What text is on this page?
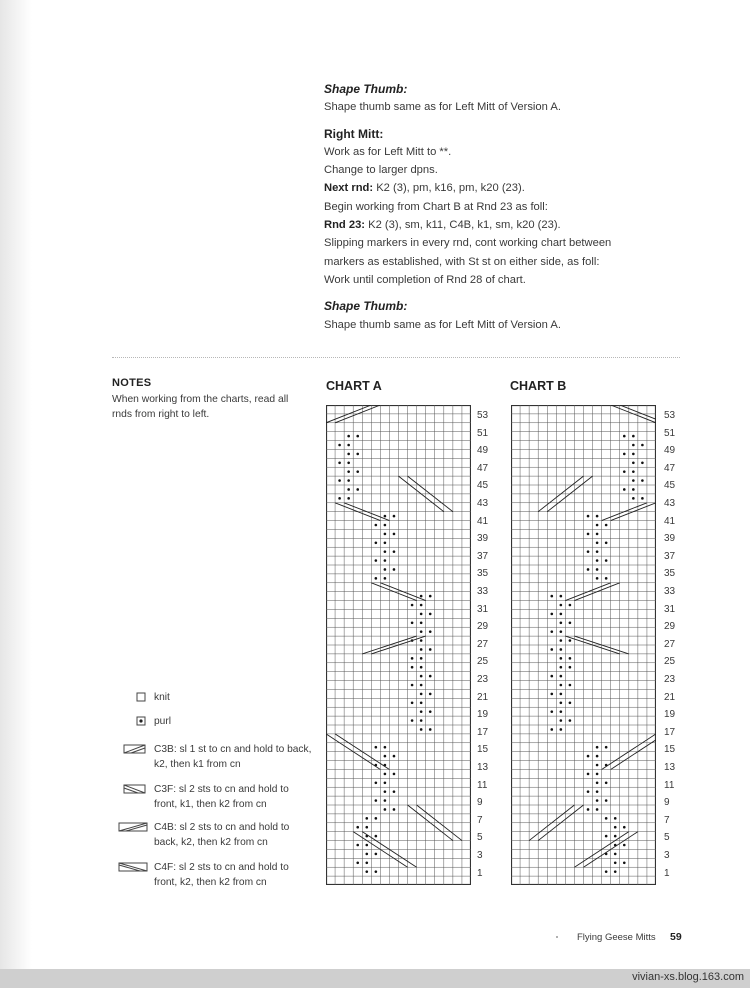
Shape Thumb:
Shape thumb same as for Left Mitt of Version A.
Right Mitt:
Work as for Left Mitt to **.
Change to larger dpns.
Next rnd: K2 (3), pm, k16, pm, k20 (23).
Begin working from Chart B at Rnd 23 as foll:
Rnd 23: K2 (3), sm, k11, C4B, k1, sm, k20 (23).
Slipping markers in every rnd, cont working chart between
markers as established, with St st on either side, as foll:
Work until completion of Rnd 28 of chart.
Shape Thumb:
Shape thumb same as for Left Mitt of Version A.
NOTES
When working from the charts, read all rnds from right to left.
CHART A	CHART B
53
51
49
47
45
43
41
39
37
35
33
31
29
27
25
23
21
19
17
15
13
11
9
7
5
3
1
53
51
49
47
45
43
41
39
37
35
33
31
29
27
25
23
21
19
17
15
13
11
9
7
5
3
1
knit
purl
C3B: sl 1 st to cn and hold to back, k2, then k1 from cn
C3F: sl 2 sts to cn and hold to front, k1, then k2 from cn
C4B: sl 2 sts to cn and hold to back, k2, then k2 from cn
C4F: sl 2 sts to cn and hold to front, k2, then k2 from cn
Flying Geese Mitts 59
vivian-xs.blog.163.com
